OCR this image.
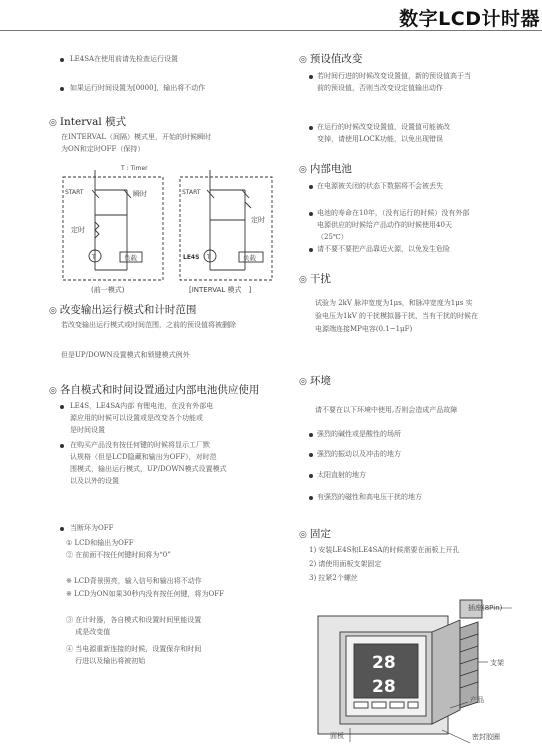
数字LCD计时器
LE4SA在使用前请先检查运行设置
如果运行时间设置为[0000]，输出将不动作
◎ Interval 模式
在INTERVAL（间隔）模式里，开始的时候瞬时
为ON和定时OFF（保持）
T : Timer
START	瞬时
定时
T	负载
(前一模式)
START
定时
LE4S T	负载
[INTERVAL 模式　]
◎ 改变输出运行模式和计时范围
若改变输出运行模式或时间范围，之前的预设值将被删除
但是UP/DOWN设置模式和锁键模式例外
◎ 各自模式和时间设置通过内部电池供应使用
LE4S，LE4SA内部 有锂电池，在没有外部电
源应用的时候可以设置或是改变各个功能或
是时间设置
在购买产品没有按任何键的时候将显示工厂默
认规格（但是LCD隐藏和输出为OFF），对时范
围模式，输出运行模式，UP/DOWN模式设置模式
以及以外的设置
当断环为OFF
① LCD和输出为OFF
② 在前面不按任何键时间将为“0”
※ LCD背景照亮，输入信号和输出将不动作
※ LCD为ON如果30秒内没有按任何键，将为OFF
③ 在计时器，各自模式和设置时间里能设置
　 成是改变值
④ 当电源重新连接的时候，设置保存和时间
　 行进以及输出将被初始
◎ 预设值改变
若时间行进的时候改变设置值，新的预设值高于当
前的预设值，否则当改变设定值输出动作
在运行的时候改变设置值，设置值可能被改
变掉，请使用LOCK功能，以免出现错误
◎ 内部电池
在电源被关闭的状态下数据将不会被丢失
电池的寿命在10年，（没有运行的时候）没有外部
电源供应的时候给产品动作的时候使用40天
（25℃）
请不要不要把产品靠近火源，以免发生危险
◎ 干扰
试验为 2kV 脉冲宽度为1μs，和脉冲宽度为1μs 实
验电压为1kV 的干扰模拟器干扰，当有干扰的时候在
电源端连接MP电容(0.1~1μF)
◎ 环境
请不要在以下环境中使用,否则会造成产品故障
强烈的碱性或是酸性的场所
强烈的振动以及冲击的地方
太阳直射的地方
有强烈的磁性和高电压干扰的地方
◎ 固定
1) 安装LE4S和LE4SA的时候需要在面板上开孔
2) 请使用面板支架固定
3) 拉紧2个螺丝
28
28
插座(8Pin)
支架
产品
面板	密封胶圈
